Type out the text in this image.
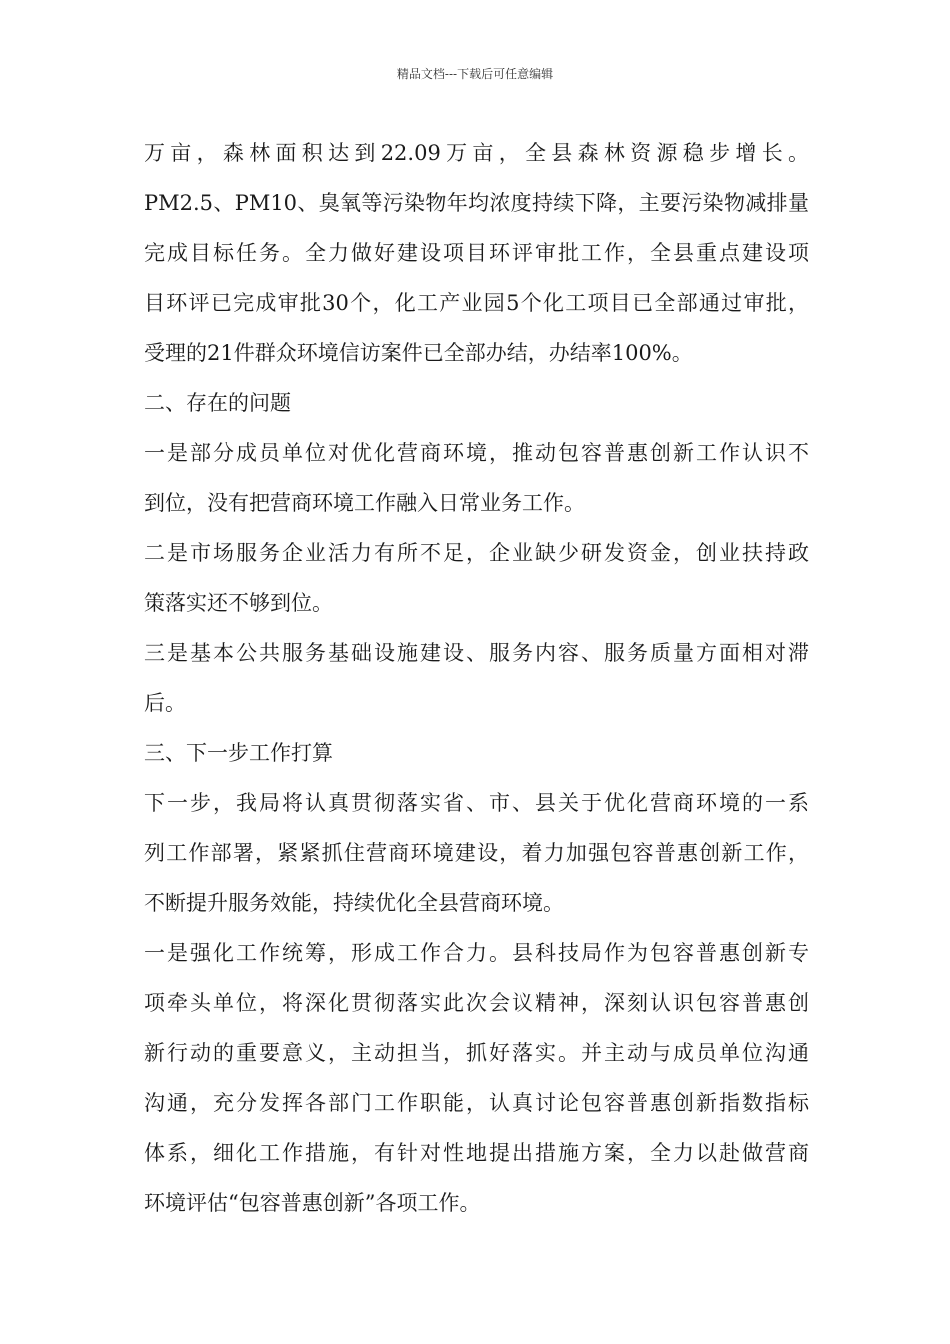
精品文档---下载后可任意编辑
万亩，森林面积达到22.09万亩，全县森林资源稳步增长。
PM2.5、PM10、臭氧等污染物年均浓度持续下降，主要污染物减排量
完成目标任务。全力做好建设项目环评审批工作，全县重点建设项
目环评已完成审批30个，化工产业园5个化工项目已全部通过审批，
受理的21件群众环境信访案件已全部办结，办结率100%。
二、存在的问题
一是部分成员单位对优化营商环境，推动包容普惠创新工作认识不
到位，没有把营商环境工作融入日常业务工作。
二是市场服务企业活力有所不足，企业缺少研发资金，创业扶持政
策落实还不够到位。
三是基本公共服务基础设施建设、服务内容、服务质量方面相对滞
后。
三、下一步工作打算
下一步，我局将认真贯彻落实省、市、县关于优化营商环境的一系
列工作部署，紧紧抓住营商环境建设，着力加强包容普惠创新工作，
不断提升服务效能，持续优化全县营商环境。
一是强化工作统筹，形成工作合力。县科技局作为包容普惠创新专
项牵头单位，将深化贯彻落实此次会议精神，深刻认识包容普惠创
新行动的重要意义，主动担当，抓好落实。并主动与成员单位沟通
沟通，充分发挥各部门工作职能，认真讨论包容普惠创新指数指标
体系，细化工作措施，有针对性地提出措施方案，全力以赴做营商
环境评估“包容普惠创新”各项工作。
